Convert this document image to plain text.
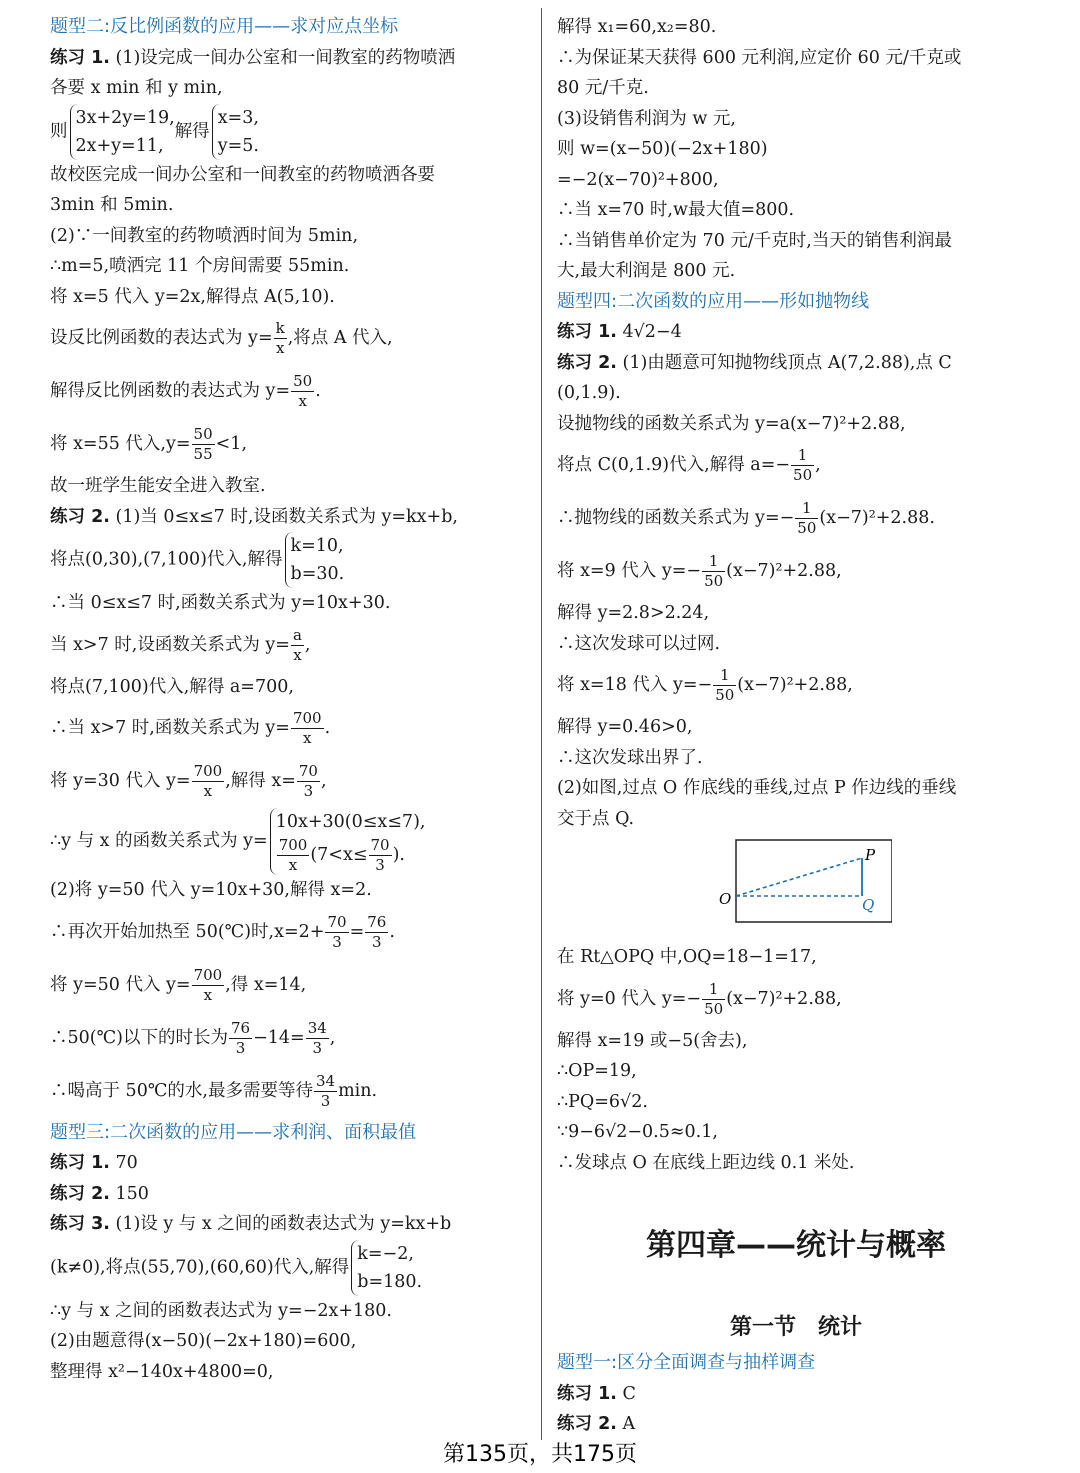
题型二:反比例函数的应用——求对应点坐标
练习 1. (1)设完成一间办公室和一间教室的药物喷洒
各要 x min 和 y min,
则
3x+2y=19,
2x+y=11,
解得
x=3,
y=5.
故校医完成一间办公室和一间教室的药物喷洒各要
3min 和 5min.
(2)∵一间教室的药物喷洒时间为 5min,
∴m=5,喷洒完 11 个房间需要 55min.
将 x=5 代入 y=2x,解得点 A(5,10).
设反比例函数的表达式为 $y= \frac{k}{x}$ ,将点 A 代入,
解得反比例函数的表达式为 $y= \frac{50}{x}$ .
将 x=55 代入$,y= \frac{50}{55} <1$,
故一班学生能安全进入教室.
练习 2. (1)当 0≤x≤7 时,设函数关系式为 y=kx+b,
将点(0,30),(7,100)代入,解得
k=10,
b=30.
∴当 0≤x≤7 时,函数关系式为 y=10x+30.
当 x>7 时,设函数关系式为 $y= \frac{a}{x}$ ,
将点(7,100)代入,解得 a=700,
∴当 x>7 时,函数关系式为 $y= \frac{700}{x}$ .
将 y=30 代入 $y= \frac{700}{x}$ ,解得 $x= \frac{70}{3}$ ,
∴y 与 x 的函数关系式为 y=
10x+30(0≤x≤7),
$\frac{700}{x} (7<x\le \frac{70}{3}$ ).
(2)将 y=50 代入 y=10x+30,解得 x=2.
∴再次开始加热至 50(℃)时$,x=2+ \frac{70}{3} = \frac{76}{3}$ .
将 y=50 代入 $y= \frac{700}{x}$ ,得 x=14,
∴50(℃)以下的时长为 $\frac{76}{3} -14= \frac{34}{3}$ ,
∴喝高于 50℃的水,最多需要等待 $\frac{34}{3} \min$.
题型三:二次函数的应用——求利润、面积最值
练习 1. 70
练习 2. 150
练习 3. (1)设 y 与 x 之间的函数表达式为 y=kx+b
(k≠0),将点(55,70),(60,60)代入,解得
k=−2,
b=180.
∴y 与 x 之间的函数表达式为 y=−2x+180.
(2)由题意得(x−50)(−2x+180)=600,
整理得 x²−140x+4800=0,
解得 x₁=60,x₂=80.
∴为保证某天获得 600 元利润,应定价 60 元/千克或
80 元/千克.
(3)设销售利润为 w 元,
则 w=(x−50)(−2x+180)
=−2(x−70)²+800,
∴当 x=70 时,w最大值=800.
∴当销售单价定为 70 元/千克时,当天的销售利润最
大,最大利润是 800 元.
题型四:二次函数的应用——形如抛物线
练习 1. 4√2−4
练习 2. (1)由题意可知抛物线顶点 A(7,2.88),点 C
(0,1.9).
设抛物线的函数关系式为 y=a(x−7)²+2.88,
将点 C(0,1.9)代入,解得 $a=- \frac{1}{50}$ ,
∴抛物线的函数关系式为 $y=- \frac{1}{50} (x-7)^2+2.88$.
将 x=9 代入 $y=- \frac{1}{50} (x-7)^2+2.88$,
解得 y=2.8>2.24,
∴这次发球可以过网.
将 x=18 代入 $y=- \frac{1}{50} (x-7)^2+2.88$,
解得 y=0.46>0,
∴这次发球出界了.
(2)如图,过点 O 作底线的垂线,过点 P 作边线的垂线
交于点 Q.
O
P
Q
在 Rt△OPQ 中,OQ=18−1=17,
将 y=0 代入 $y=- \frac{1}{50} (x-7)^2+2.88$,
解得 x=19 或−5(舍去),
∴OP=19,
∴PQ=6√2.
∵9−6√2−0.5≈0.1,
∴发球点 O 在底线上距边线 0.1 米处.
第四章——统计与概率
第一节　统计
题型一:区分全面调查与抽样调查
练习 1. C
练习 2. A
第135页，共175页
